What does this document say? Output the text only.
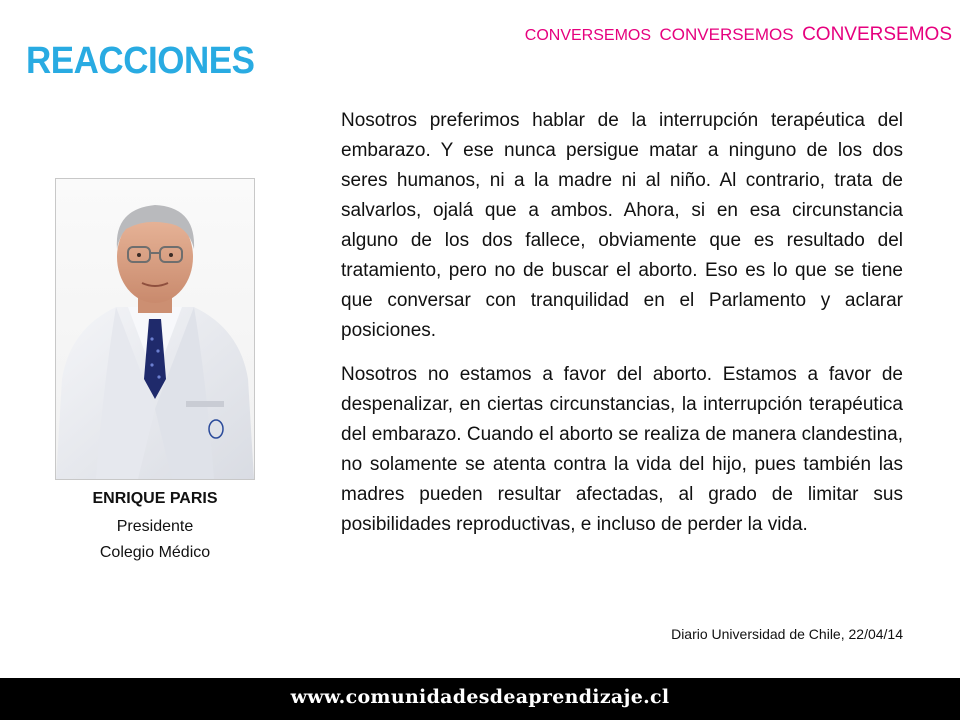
CONVERSEMOS CONVERSEMOS CONVERSEMOS
REACCIONES
ENRIQUE PARIS
Presidente
Colegio Médico

Nosotros preferimos hablar de la interrupción terapéutica del embarazo. Y ese nunca persigue matar a ninguno de los dos seres humanos, ni a la madre ni al niño. Al contrario, trata de salvarlos, ojalá que a ambos. Ahora, si en esa circunstancia alguno de los dos fallece, obviamente que es resultado del tratamiento, pero no de buscar el aborto. Eso es lo que se tiene que conversar con tranquilidad en el Parlamento y aclarar posiciones.

Nosotros no estamos a favor del aborto. Estamos a favor de despenalizar, en ciertas circunstancias, la interrupción terapéutica del embarazo. Cuando el aborto se realiza de manera clandestina, no solamente se atenta contra la vida del hijo, pues también las madres pueden resultar afectadas, al grado de limitar sus posibilidades reproductivas, e incluso de perder la vida.

Diario Universidad de Chile, 22/04/14
www.comunidadesdeaprendizaje.cl
